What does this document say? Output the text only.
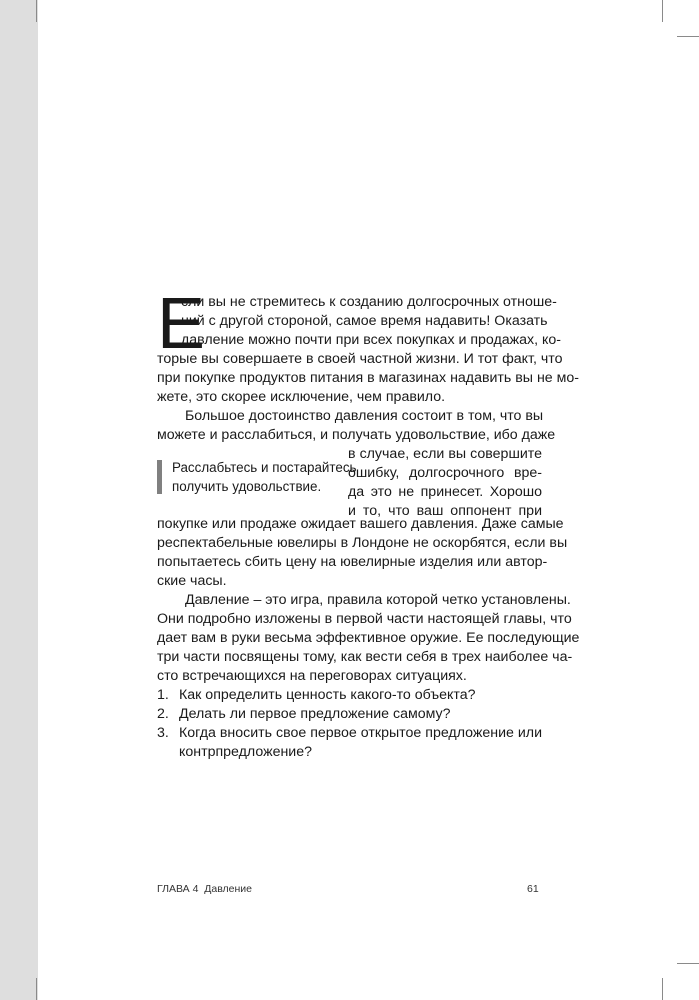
Е
сли вы не стремитесь к созданию долгосрочных отноше-
ний с другой стороной, самое время надавить! Оказать
давление можно почти при всех покупках и продажах, ко-
торые вы совершаете в своей частной жизни. И тот факт, что
при покупке продуктов питания в магазинах надавить вы не мо-
жете, это скорее исключение, чем правило.
Большое достоинство давления состоит в том, что вы
можете и расслабиться, и получать удовольствие, ибо даже
Расслабьтесь и постарайтесь
получить удовольствие.
в случае, если вы совершите
ошибку, долгосрочного вре-
да это не принесет. Хорошо
и то, что ваш оппонент при
покупке или продаже ожидает вашего давления. Даже самые
респектабельные ювелиры в Лондоне не оскорбятся, если вы
попытаетесь сбить цену на ювелирные изделия или автор-
ские часы.
Давление – это игра, правила которой четко установлены.
Они подробно изложены в первой части настоящей главы, что
дает вам в руки весьма эффективное оружие. Ее последующие
три части посвящены тому, как вести себя в трех наиболее ча-
сто встречающихся на переговорах ситуациях.
1. Как определить ценность какого-то объекта?
2. Делать ли первое предложение самому?
3. Когда вносить свое первое открытое предложение или
контрпредложение?
ГЛАВА 4 Давление	61
